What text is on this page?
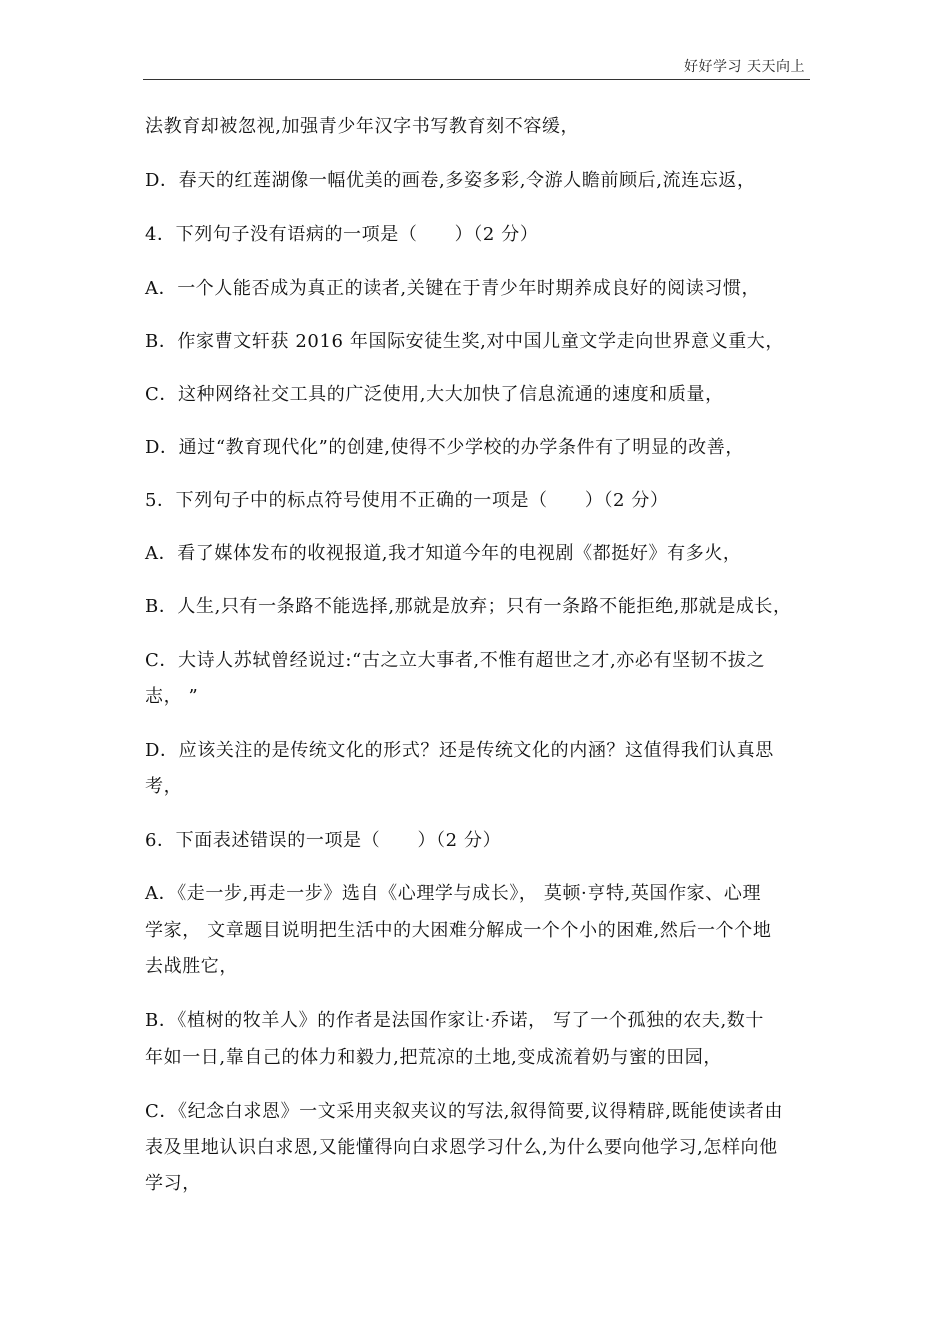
好好学习 天天向上
法教育却被忽视,加强青少年汉字书写教育刻不容缓，
D．春天的红莲湖像一幅优美的画卷,多姿多彩,令游人瞻前顾后,流连忘返，
4．下列句子没有语病的一项是（　　）（2 分）
A．一个人能否成为真正的读者,关键在于青少年时期养成良好的阅读习惯，
B．作家曹文轩获 2016 年国际安徒生奖,对中国儿童文学走向世界意义重大，
C．这种网络社交工具的广泛使用,大大加快了信息流通的速度和质量，
D．通过“教育现代化”的创建,使得不少学校的办学条件有了明显的改善，
5．下列句子中的标点符号使用不正确的一项是（　　）（2 分）
A．看了媒体发布的收视报道,我才知道今年的电视剧《都挺好》有多火，
B．人生,只有一条路不能选择,那就是放弃；只有一条路不能拒绝,那就是成长，
C．大诗人苏轼曾经说过:“古之立大事者,不惟有超世之才,亦必有坚韧不拔之
志， ”
D．应该关注的是传统文化的形式？还是传统文化的内涵？这值得我们认真思
考，
6．下面表述错误的一项是（　　）（2 分）
A．《走一步,再走一步》选自《心理学与成长》， 莫顿·亨特,英国作家、心理
学家， 文章题目说明把生活中的大困难分解成一个个小的困难,然后一个个地
去战胜它，
B．《植树的牧羊人》的作者是法国作家让·乔诺， 写了一个孤独的农夫,数十
年如一日,靠自己的体力和毅力,把荒凉的土地,变成流着奶与蜜的田园，
C．《纪念白求恩》一文采用夹叙夹议的写法,叙得简要,议得精辟,既能使读者由
表及里地认识白求恩,又能懂得向白求恩学习什么,为什么要向他学习,怎样向他
学习，
